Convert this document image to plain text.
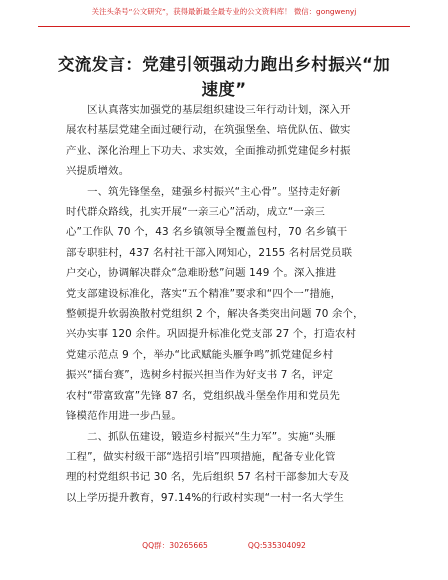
关注头条号“公文研究”，获得最新最全最专业的公文资料库！ 微信：gongwenyj
交流发言：党建引领强动力跑出乡村振兴“加
速度”
　　区认真落实加强党的基层组织建设三年行动计划，深入开
展农村基层党建全面过硬行动，在筑强堡垒、培优队伍、做实
产业、深化治理上下功夫、求实效，全面推动抓党建促乡村振
兴提质增效。
　　一、筑先锋堡垒，建强乡村振兴“主心骨”。坚持走好新
时代群众路线，扎实开展“一亲三心”活动，成立“一亲三
心”工作队 70 个，43 名乡镇领导全覆盖包村，70 名乡镇干
部专职驻村，437 名村社干部入网知心，2155 名村居党员联
户交心，协调解决群众“急难盼愁”问题 149 个。深入推进
党支部建设标准化，落实“五个精准”要求和“四个一”措施，
整顿提升软弱涣散村党组织 2 个，解决各类突出问题 70 余个，
兴办实事 120 余件。巩固提升标准化党支部 27 个，打造农村
党建示范点 9 个，举办“比武赋能头雁争鸣”抓党建促乡村
振兴“擂台赛”，选树乡村振兴担当作为好支书 7 名，评定
农村“带富致富”先锋 87 名，党组织战斗堡垒作用和党员先
锋模范作用进一步凸显。
　　二、抓队伍建设，锻造乡村振兴“生力军”。实施“头雁
工程”，做实村级干部“选招引培”四项措施，配备专业化管
理的村党组织书记 30 名，先后组织 57 名村干部参加大专及
以上学历提升教育，97.14%的行政村实现“一村一名大学生
QQ群：30265665	QQ:535304092
